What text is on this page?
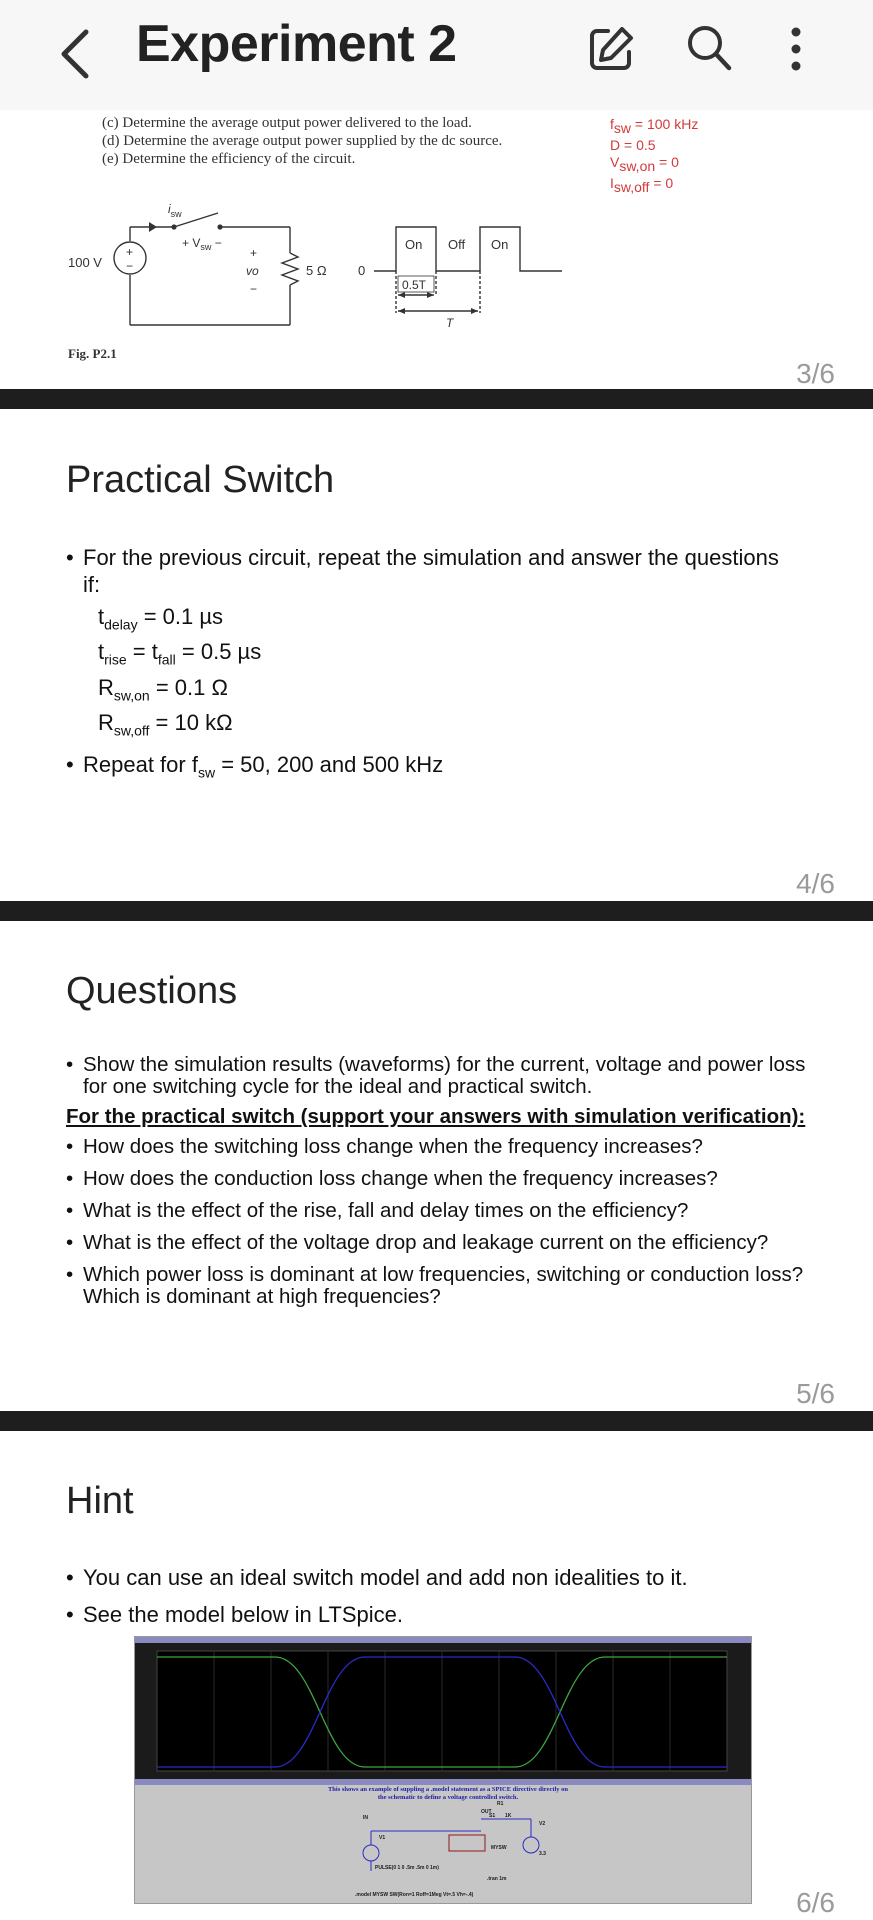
Experiment 2
(c) Determine the average output power delivered to the load.
(d) Determine the average output power supplied by the dc source.
(e) Determine the efficiency of the circuit.
$f_{sw} = 100$ kHz
D = 0.5
$V_{sw,on} = 0$
$I_{sw,off} = 0$
+
−
100 V
$i_{sw}$
+ $V_{sw}$ −
+
vo
−
5 Ω 0
On Off On
0.5T
T
Fig. P2.1
3/6
Practical Switch
• For the previous circuit, repeat the simulation and answer the questions if:
$t_{delay} = 0.1$ µs
$t_{rise} = t_{fall} = 0.5$ µs
$R_{sw,on} = 0.1$ Ω
$R_{sw,off} = 10$ kΩ
• Repeat for $f_{sw} = 50$, 200 and 500 kHz
4/6
Questions
• Show the simulation results (waveforms) for the current, voltage and power loss for one switching cycle for the ideal and practical switch.
For the practical switch (support your answers with simulation verification):
• How does the switching loss change when the frequency increases?
• How does the conduction loss change when the frequency increases?
• What is the effect of the rise, fall and delay times on the efficiency?
• What is the effect of the voltage drop and leakage current on the efficiency?
• Which power loss is dominant at low frequencies, switching or conduction loss? Which is dominant at high frequencies?
5/6
Hint
• You can use an ideal switch model and add non idealities to it.
• See the model below in LTSpice.
This shows an example of suppling a .model statement as a SPICE directive directly on the schematic to define a voltage controlled switch.
IN
OUT
R1
1K
S1
V1
V2
3.3
MYSW
PULSE(0 1 0 .5m .5m 0 1m)
.tran 1m
.model MYSW SW(Ron=1 Roff=1Meg Vt=.5 Vh=-.4)	6/6
